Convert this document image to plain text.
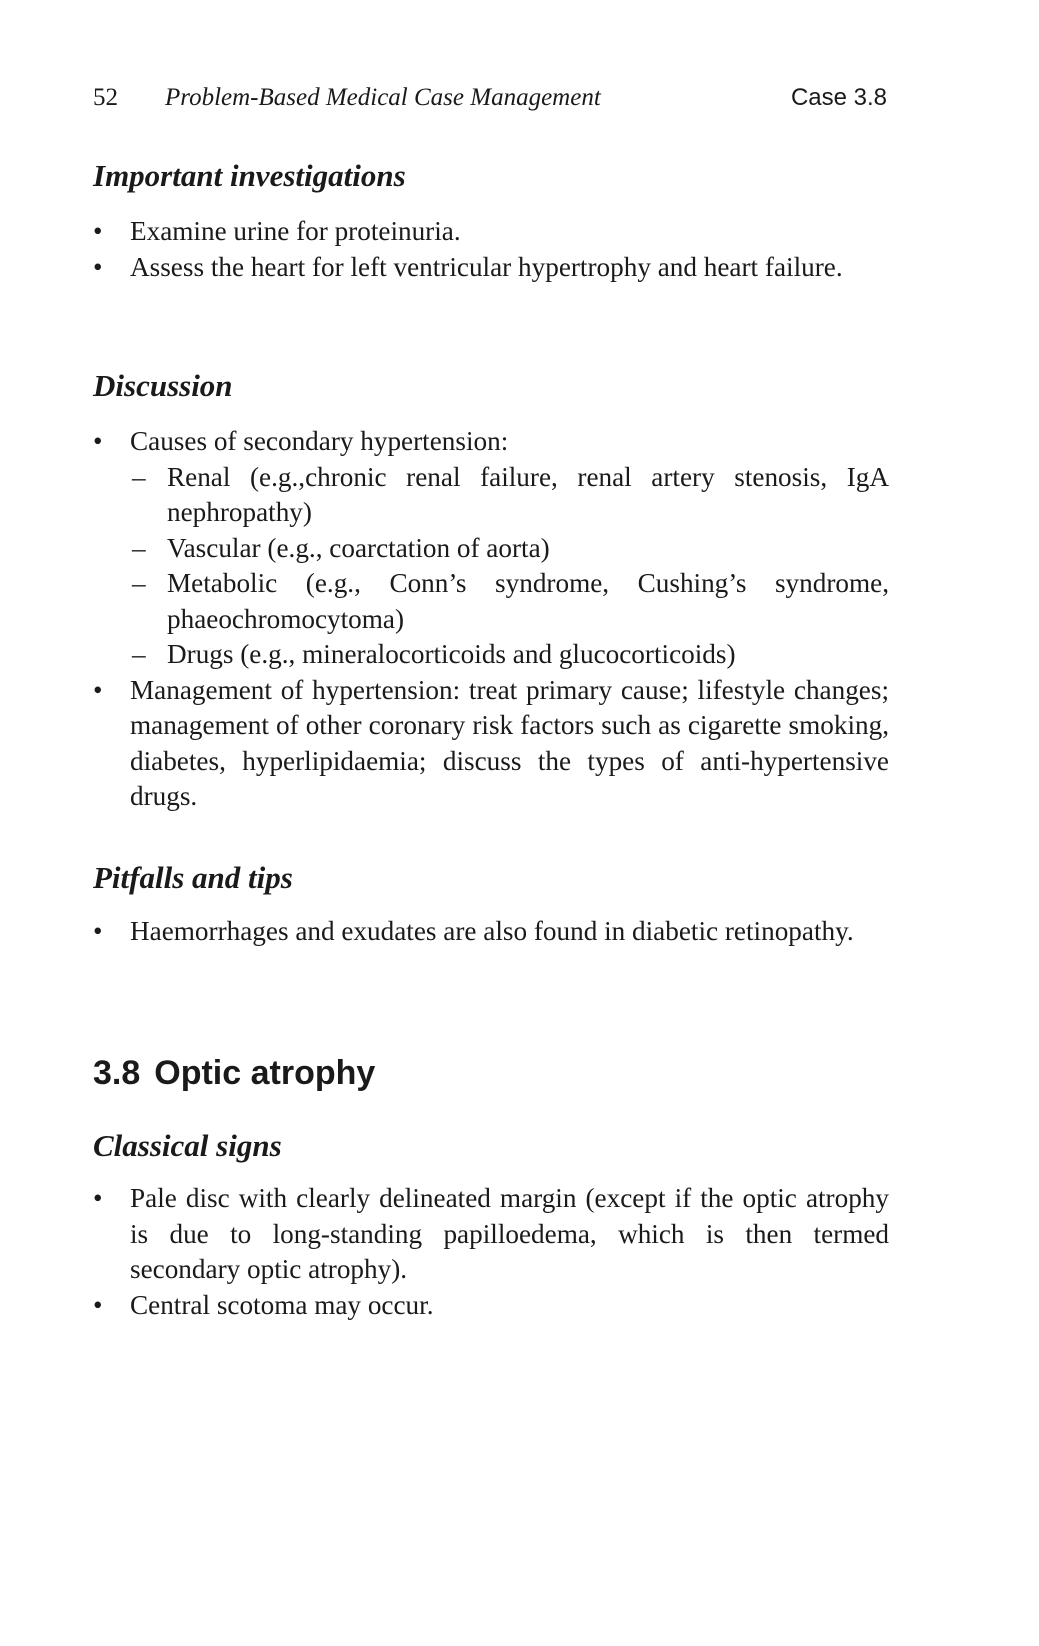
52 Problem-Based Medical Case Management	Case 3.8
Important investigations
• Examine urine for proteinuria.
• Assess the heart for left ventricular hypertrophy and heart failure.
Discussion
• Causes of secondary hypertension:
– Renal (e.g.,chronic renal failure, renal artery stenosis, IgA nephropathy)
– Vascular (e.g., coarctation of aorta)
– Metabolic (e.g., Conn’s syndrome, Cushing’s syndrome, phaeochromocytoma)
– Drugs (e.g., mineralocorticoids and glucocorticoids)
• Management of hypertension: treat primary cause; lifestyle changes; management of other coronary risk factors such as cigarette smoking, diabetes, hyperlipidaemia; discuss the types of anti-hypertensive drugs.
Pitfalls and tips
• Haemorrhages and exudates are also found in diabetic retinopathy.
3.8 Optic atrophy
Classical signs
• Pale disc with clearly delineated margin (except if the optic atrophy is due to long-standing papilloedema, which is then termed secondary optic atrophy).
• Central scotoma may occur.
